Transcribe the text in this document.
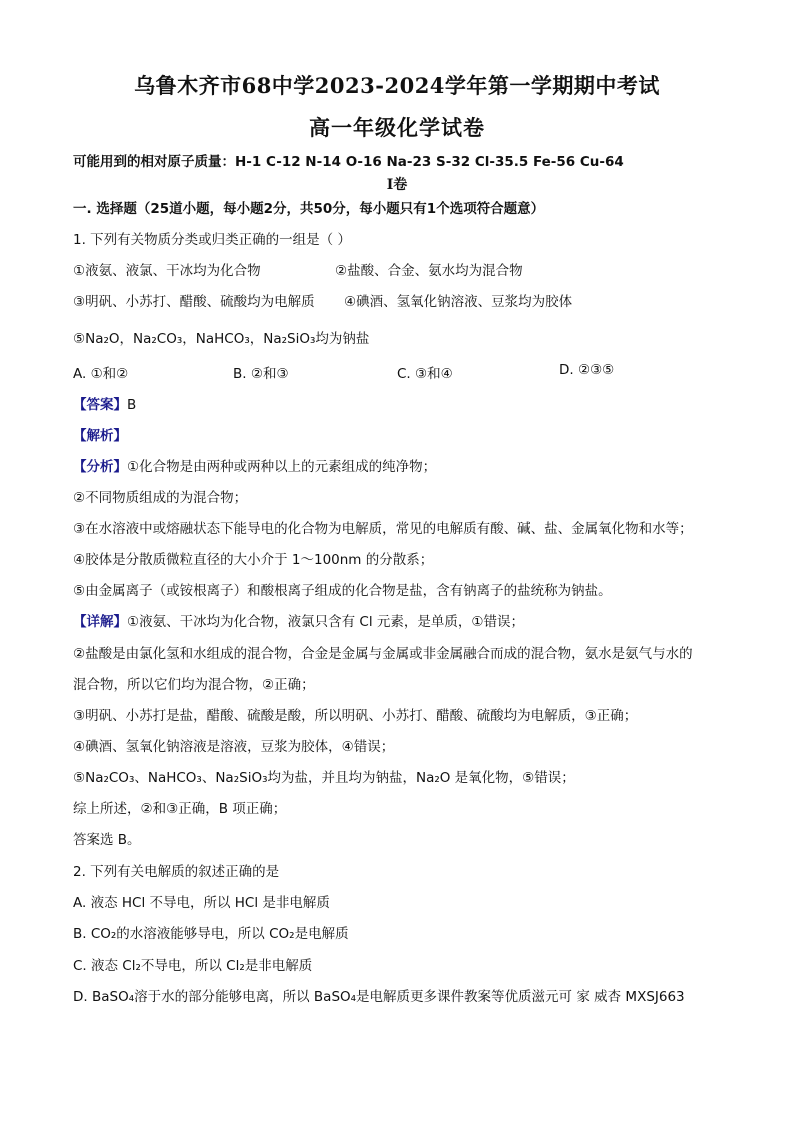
乌鲁木齐市68中学2023-2024学年第一学期期中考试
高一年级化学试卷
可能用到的相对原子质量：H-1 C-12 N-14 O-16 Na-23 S-32 Cl-35.5 Fe-56 Cu-64
Ⅰ卷
一. 选择题（25道小题，每小题2分，共50分，每小题只有1个选项符合题意）
1. 下列有关物质分类或归类正确的一组是（ ）
①液氨、液氯、干冰均为化合物	②盐酸、合金、氨水均为混合物
③明矾、小苏打、醋酸、硫酸均为电解质 ④碘酒、氢氧化钠溶液、豆浆均为胶体
⑤Na₂O，Na₂CO₃，NaHCO₃，Na₂SiO₃均为钠盐
A. ①和②	B. ②和③	C. ③和④	D. ②③⑤
【答案】B
【解析】
【分析】①化合物是由两种或两种以上的元素组成的纯净物；
②不同物质组成的为混合物；
③在水溶液中或熔融状态下能导电的化合物为电解质，常见的电解质有酸、碱、盐、金属氧化物和水等；
④胶体是分散质微粒直径的大小介于 1～100nm 的分散系；
⑤由金属离子（或铵根离子）和酸根离子组成的化合物是盐，含有钠离子的盐统称为钠盐。
【详解】①液氨、干冰均为化合物，液氯只含有 Cl 元素，是单质，①错误；
②盐酸是由氯化氢和水组成的混合物，合金是金属与金属或非金属融合而成的混合物，氨水是氨气与水的
混合物，所以它们均为混合物，②正确；
③明矾、小苏打是盐，醋酸、硫酸是酸，所以明矾、小苏打、醋酸、硫酸均为电解质，③正确；
④碘酒、氢氧化钠溶液是溶液，豆浆为胶体，④错误；
⑤Na₂CO₃、NaHCO₃、Na₂SiO₃均为盐，并且均为钠盐，Na₂O 是氧化物，⑤错误；
综上所述，②和③正确，B 项正确；
答案选 B。
2. 下列有关电解质的叙述正确的是
A. 液态 HCl 不导电，所以 HCl 是非电解质
B. CO₂的水溶液能够导电，所以 CO₂是电解质
C. 液态 Cl₂不导电，所以 Cl₂是非电解质
D. BaSO₄溶于水的部分能够电离，所以 BaSO₄是电解质更多课件教案等优质滋元可 家 威杏 MXSJ663
